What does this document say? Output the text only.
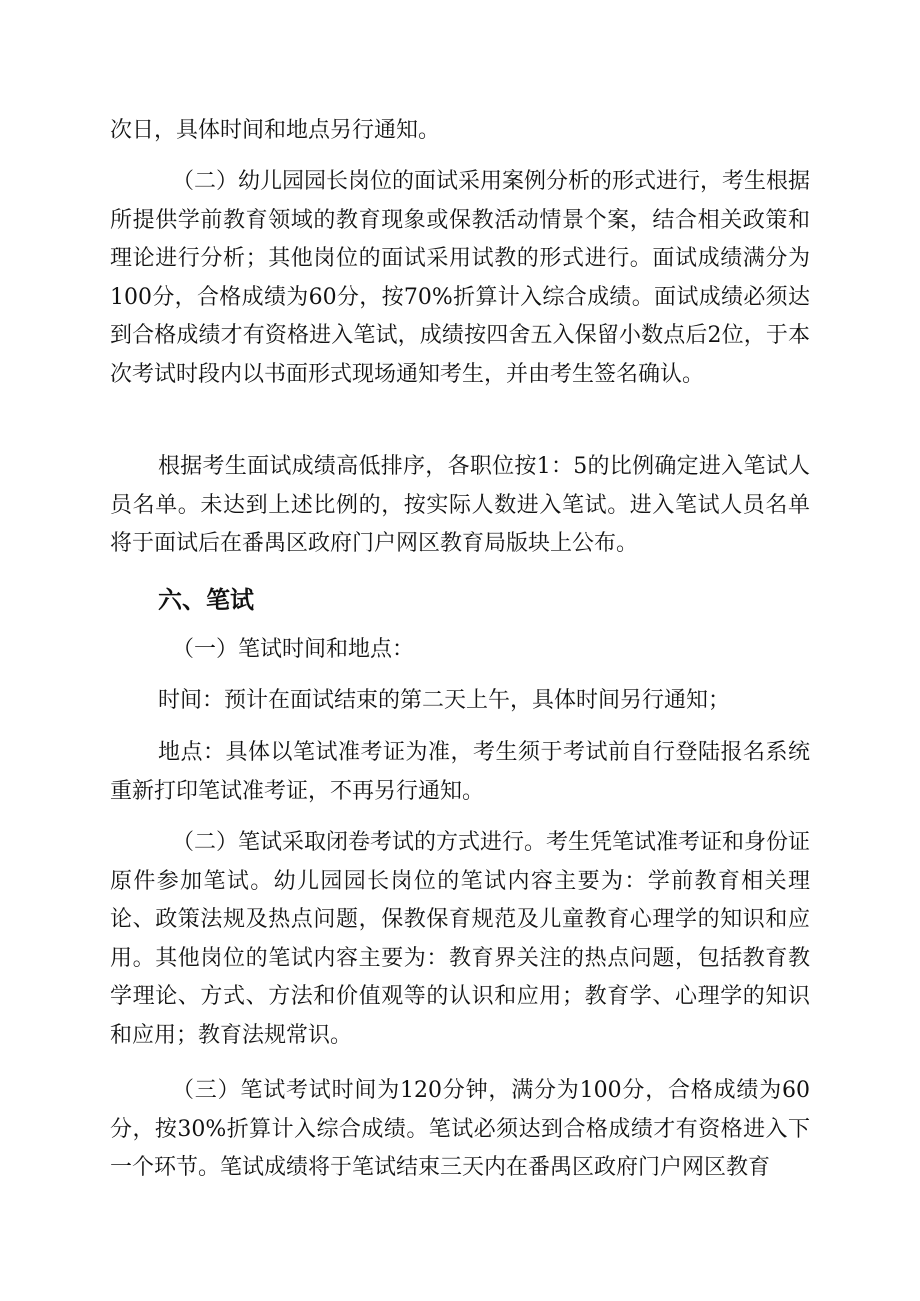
次日，具体时间和地点另行通知。

（二）幼儿园园长岗位的面试采用案例分析的形式进行，考生根据所提供学前教育领域的教育现象或保教活动情景个案，结合相关政策和理论进行分析；其他岗位的面试采用试教的形式进行。面试成绩满分为100分，合格成绩为60分，按70%折算计入综合成绩。面试成绩必须达到合格成绩才有资格进入笔试，成绩按四舍五入保留小数点后2位，于本次考试时段内以书面形式现场通知考生，并由考生签名确认。

根据考生面试成绩高低排序，各职位按1：5的比例确定进入笔试人员名单。未达到上述比例的，按实际人数进入笔试。进入笔试人员名单将于面试后在番禺区政府门户网区教育局版块上公布。

六、笔试

（一）笔试时间和地点：

时间：预计在面试结束的第二天上午，具体时间另行通知；

地点：具体以笔试准考证为准，考生须于考试前自行登陆报名系统重新打印笔试准考证，不再另行通知。

（二）笔试采取闭卷考试的方式进行。考生凭笔试准考证和身份证原件参加笔试。幼儿园园长岗位的笔试内容主要为：学前教育相关理论、政策法规及热点问题，保教保育规范及儿童教育心理学的知识和应用。其他岗位的笔试内容主要为：教育界关注的热点问题，包括教育教学理论、方式、方法和价值观等的认识和应用；教育学、心理学的知识和应用；教育法规常识。

（三）笔试考试时间为120分钟，满分为100分，合格成绩为60分，按30%折算计入综合成绩。笔试必须达到合格成绩才有资格进入下一个环节。笔试成绩将于笔试结束三天内在番禺区政府门户网区教育
